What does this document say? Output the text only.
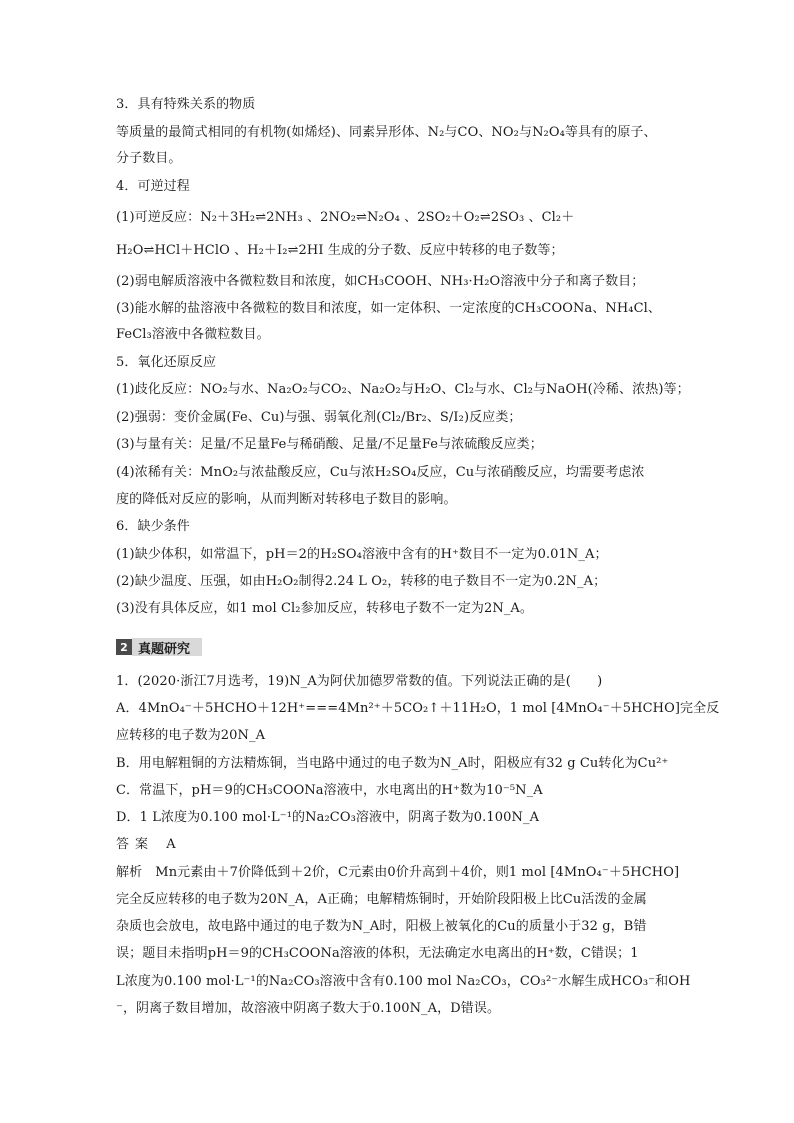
3．具有特殊关系的物质
等质量的最简式相同的有机物(如烯烃)、同素异形体、N₂与CO、NO₂与N₂O₄等具有的原子、
分子数目。
4．可逆过程
(1)可逆反应：N₂＋3H₂⇌2NH₃ 、2NO₂⇌N₂O₄ 、2SO₂＋O₂⇌2SO₃ 、Cl₂＋
H₂O⇌HCl＋HClO 、H₂＋I₂⇌2HI 生成的分子数、反应中转移的电子数等；
(2)弱电解质溶液中各微粒数目和浓度，如CH₃COOH、NH₃·H₂O溶液中分子和离子数目；
(3)能水解的盐溶液中各微粒的数目和浓度，如一定体积、一定浓度的CH₃COONa、NH₄Cl、
FeCl₃溶液中各微粒数目。
5．氧化还原反应
(1)歧化反应：NO₂与水、Na₂O₂与CO₂、Na₂O₂与H₂O、Cl₂与水、Cl₂与NaOH(冷稀、浓热)等；
(2)强弱：变价金属(Fe、Cu)与强、弱氧化剂(Cl₂/Br₂、S/I₂)反应类；
(3)与量有关：足量/不足量Fe与稀硝酸、足量/不足量Fe与浓硫酸反应类；
(4)浓稀有关：MnO₂与浓盐酸反应，Cu与浓H₂SO₄反应，Cu与浓硝酸反应，均需要考虑浓
度的降低对反应的影响，从而判断对转移电子数目的影响。
6．缺少条件
(1)缺少体积，如常温下，pH＝2的H₂SO₄溶液中含有的H⁺数目不一定为0.01N_A；
(2)缺少温度、压强，如由H₂O₂制得2.24 L O₂，转移的电子数目不一定为0.2N_A；
(3)没有具体反应，如1 mol Cl₂参加反应，转移电子数不一定为2N_A。
2 真题研究
1．(2020·浙江7月选考，19)N_A为阿伏加德罗常数的值。下列说法正确的是(　　)
A．4MnO₄⁻＋5HCHO＋12H⁺===4Mn²⁺＋5CO₂↑＋11H₂O，1 mol [4MnO₄⁻＋5HCHO]完全反
应转移的电子数为20N_A
B．用电解粗铜的方法精炼铜，当电路中通过的电子数为N_A时，阳极应有32 g Cu转化为Cu²⁺
C．常温下，pH＝9的CH₃COONa溶液中，水电离出的H⁺数为10⁻⁵N_A
D．1 L浓度为0.100 mol·L⁻¹的Na₂CO₃溶液中，阴离子数为0.100N_A
答案 A
解析　Mn元素由＋7价降低到＋2价，C元素由0价升高到＋4价，则1 mol [4MnO₄⁻＋5HCHO]
完全反应转移的电子数为20N_A，A正确；电解精炼铜时，开始阶段阳极上比Cu活泼的金属
杂质也会放电，故电路中通过的电子数为N_A时，阳极上被氧化的Cu的质量小于32 g，B错
误；题目未指明pH＝9的CH₃COONa溶液的体积，无法确定水电离出的H⁺数，C错误；1
L浓度为0.100 mol·L⁻¹的Na₂CO₃溶液中含有0.100 mol Na₂CO₃，CO₃²⁻水解生成HCO₃⁻和OH
⁻，阴离子数目增加，故溶液中阴离子数大于0.100N_A，D错误。
